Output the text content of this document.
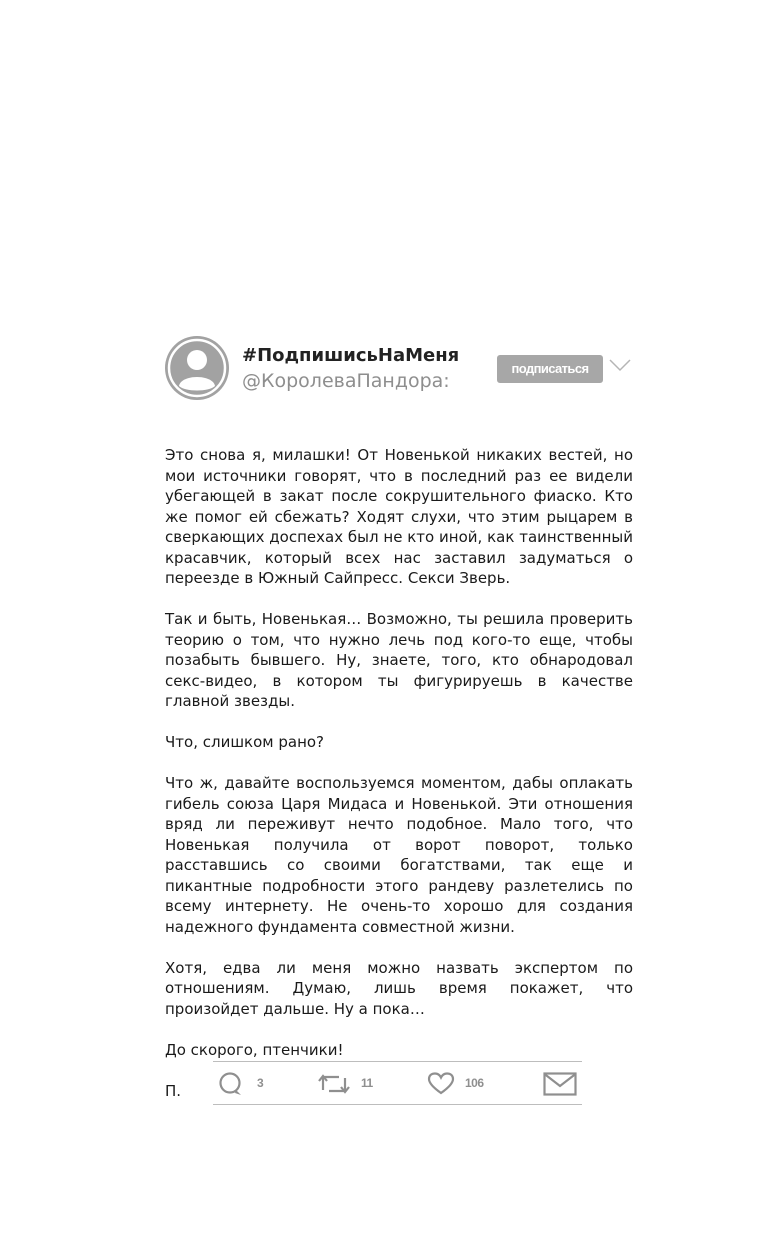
#ПодпишисьНаМеня
@КоролеваПандора:
подписаться

Это снова я, милашки! От Новенькой никаких вестей, но мои источники говорят, что в последний раз ее видели убегающей в закат после сокрушительного фиаско. Кто же помог ей сбежать? Ходят слухи, что этим рыцарем в сверкающих доспехах был не кто иной, как таинственный красавчик, который всех нас заставил задуматься о переезде в Южный Сайпресс. Секси Зверь.

Так и быть, Новенькая… Возможно, ты решила проверить теорию о том, что нужно лечь под кого-то еще, чтобы позабыть бывшего. Ну, знаете, того, кто обнародовал секс-видео, в котором ты фигурируешь в качестве главной звезды.

Что, слишком рано?

Что ж, давайте воспользуемся моментом, дабы оплакать гибель союза Царя Мидаса и Новенькой. Эти отношения вряд ли переживут нечто подобное. Мало того, что Новенькая получила от ворот поворот, только расставшись со своими богатствами, так еще и пикантные подробности этого рандеву разлетелись по всему интернету. Не очень-то хорошо для создания надежного фундамента совместной жизни.

Хотя, едва ли меня можно назвать экспертом по отношениям. Думаю, лишь время покажет, что произойдет дальше. Ну а пока…

До скорого, птенчики!

П.	3	11	106
